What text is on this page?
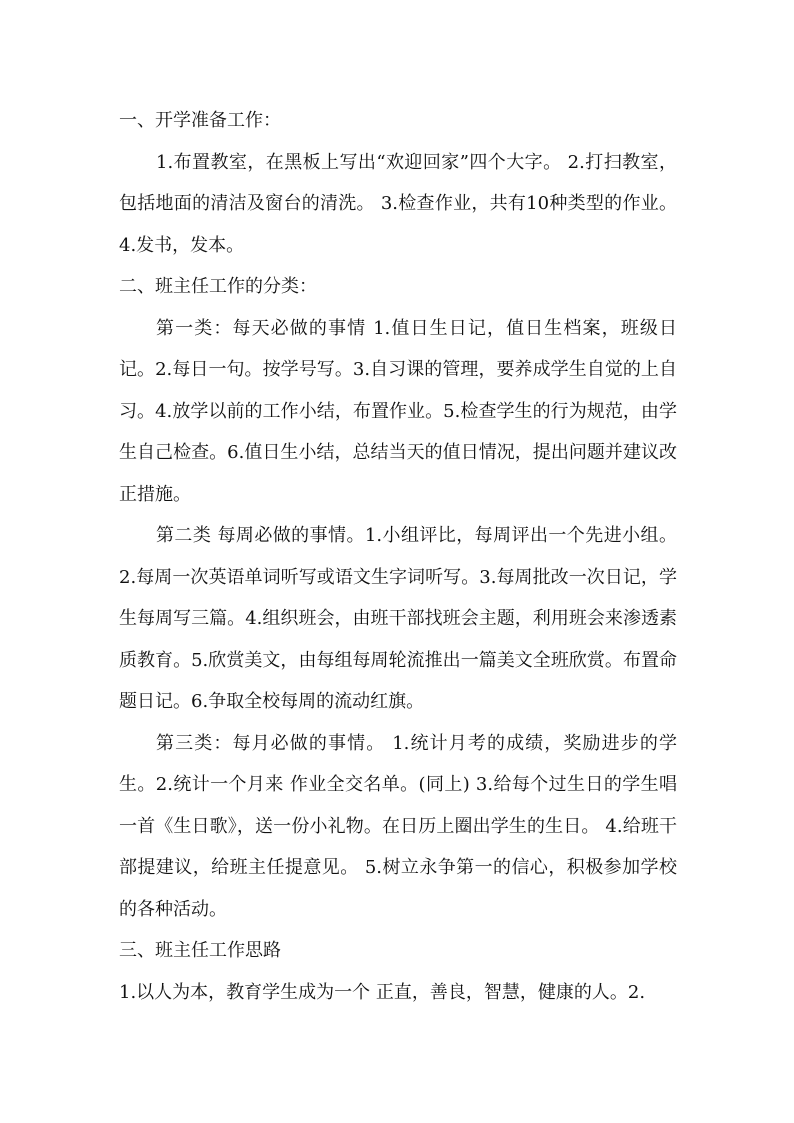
一、开学准备工作：

1.布置教室，在黑板上写出“欢迎回家”四个大字。 2.打扫教室，包括地面的清洁及窗台的清洗。 3.检查作业，共有10种类型的作业。 4.发书，发本。

二、班主任工作的分类：

第一类：每天必做的事情 1.值日生日记，值日生档案，班级日记。2.每日一句。按学号写。3.自习课的管理，要养成学生自觉的上自习。4.放学以前的工作小结，布置作业。5.检查学生的行为规范，由学生自己检查。6.值日生小结，总结当天的值日情况，提出问题并建议改正措施。

第二类 每周必做的事情。1.小组评比，每周评出一个先进小组。2.每周一次英语单词听写或语文生字词听写。3.每周批改一次日记，学生每周写三篇。4.组织班会，由班干部找班会主题，利用班会来渗透素质教育。5.欣赏美文，由每组每周轮流推出一篇美文全班欣赏。布置命题日记。6.争取全校每周的流动红旗。

第三类：每月必做的事情。 1.统计月考的成绩，奖励进步的学生。2.统计一个月来 作业全交名单。(同上) 3.给每个过生日的学生唱一首《生日歌》，送一份小礼物。在日历上圈出学生的生日。 4.给班干部提建议，给班主任提意见。 5.树立永争第一的信心，积极参加学校的各种活动。

三、班主任工作思路

1.以人为本，教育学生成为一个 正直，善良，智慧，健康的人。2.
